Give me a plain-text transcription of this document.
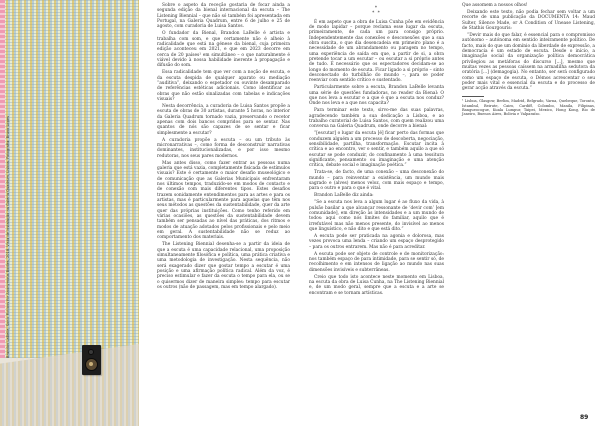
Brandon LaBelle, Sonic Fictions for Anonymous Bodies, 2018. Vista de instalação na Galeria Quadrum, Lisboa. Fotografia: Bruno Lopes

Sobre o aspeto da receção gostaria de focar ainda a segunda edição da bienal internacional da escuta – The Listening Biennial – que não só também foi apresentada em Portugal, na Galeria Quadrum, entre 6 de julho e 25 de agosto, com curadoria de Luisa Santos.

O fundador da Bienal, Brandon LaBelle é artista e trabalha com som, e que certamente não é alheio à radicalidade que está na génese da bienal, cuja primeira edição aconteceu em 2021, e que em 2023 decorre em cerca de 20 países¹ em simultâneo – o que naturalmente é viável devido à nossa habilidade inerente à propagação e difusão do som.

Essa radicalidade tem que ver com a noção de escuta, e da escuta despida de qualquer aparato ou mediação “auditiva”, deixando o espetador ou ouvinte desamparado de referências estéticas adicionais. Como identificar as obras que não estão sinalizadas com tabelas e indicações visuais?

Nesta decorrência, a curadoria de Luisa Santos propõe a escuta de obras de 30 artistas, durante 5 horas, no interior da Galeria Quadrum tornado vazia, preservando o recetor apenas com dois bancos compridos para se sentar. Nas quantos de nós são capazes de se sentar e ficar simplesmente a escutar?

A curadoria propõe a escuta – ou um tributo às micronarrativas –, como forma de desconstruir narrativas dominantes, institucionalizadas, e por isso mesmo redutoras, nos seus pares modernos.

Mas antes disso, como fazer entrar as pessoas numa galeria que está vazia, completamente fisicada de estímulos visuais? Este é certamente o maior desafio museológico e de comunicação que as Galerias Municipais enfrentaram nos últimos tempos, traduzido-se em modos de contacto e de conexão com mais diferentes tipos. Estes desafios trazem sonidamente entendimentos para as artes e para os artistas, mas é particularmente para aquelas que têm nos seus métodos as questões da sustentabilidade, quer da arte quer das próprias instituições. Como tenho referido em várias ocasiões, as questões da sustentabilidade devem também ser pensadas ao nível das práticas, dos ritmos e modos de atuação adotados pelos profissionais e pelo meio em geral. A sustentabilidade não se reduz ao comportamento dos materiais.

The Listening Biennial desenha-se a partir da ideia de que a escuta é uma capacidade relacional, uma proposição simultaneamente filosófica e política, uma prática criativa e uma metodologia de investigação. Nesta sequência, não será exagerado dizer que gostar tempo a escutar é uma posição e uma afirmação política radical. Além da voz, é preciso estimular e fazer da escuta o tempo para ela, ou se o quisermos dizer de maneira simples: tempo para escutar os outros (não de passagem, mas em tempo alargado).

*
* *

É em aspeto que a obra de Luisa Cunha põe em evidência de modo lapidar – porque reclama esse lugar da escuta, primeiramente, de cada um para consigo próprio. Independentemente das conexões e desconexões que a sua obra suscita, o que dia desencadeia em primeiro plano é a necessidade de um abrandamento ou paragem no tempo, uma experiência de saída em que, a partir de si, a obra pretende tocar a um escutar – ou escutar a si próprio antes de tudo. É necessário que os espectadores decidam-se ao longo do momento de escuta. Ficar ligado a si próprio – sinto desconectado do turbilhão do mundo –, para se poder reenviar com sentido crítico e sustentado.

Particularmente sobre a escuta, Brandon LaBelle levanta uma série de questões fundadoras, no reader da Bienal: O que nos leva a escutar e a que é que a escuta nos conduz? Onde nos leva e a que nos capacita?

Para terminar este texto, sirvo-me das suas palavras, agradecendo também a sua dedicação a Lisboa, e ao trabalho curatorial de Luisa Santos, com quem realizou uma conversa na Galeria Quadrum, onde decorre a bienal:

“[escutar] o lugar da escuta [é] ficar perto das formas que conduzem alguém a um processo de descoberta, negociação, sensibilidade, partilha, transformação. Escutar incita à crítica e ao encontro, ver o sentir, e também aquilo a que só escutar se pode conduzir, do confinamento à uma tessitura significante, pensamento ou imaginação e uma atenção crítica, debate social e imaginação poética.”

Trata-se, de facto, de uma conexão – uma desconexão do mundo – para reinventar a existência, um mundo mais sagrado e (alves) menos veloz, com mais espaço e tempo, para o outro e para o que é vital.

Brandon LaBelle diz ainda:

“Se a escuta nos leva a algum lugar é ao fluxo da vida, à pulsão basilar a que alcançar ressonante de ‘devir com’ [em comunidade], em direção às intensidades e a um mundo de todos: aqui como nós limites do familiar, aquilo que é irrefutável mas não menos presente, do invisível ao menos que linguístico, e não dito e que está dito.”

A escuta pode ser praticada na agonia e dolorosa, mas vezes provoca uma lenda – criando um espaço desprotegido – para os outros entrarem. Mas não é para acreditar.

A escuta pode ser objeto de controle e de monitorização: nos também espaço de para intimidade, para se sentir só, de recolhimento e em intensos de ligação ao mundo nas suas dimensões invisíveis e subterrâneas.

Creio que todo isto acontece neste momento em Lisboa, na escuta da obra de Luisa Cunha, na The Listening Biennial e, de um modo geral, sempre que a escuta e a arte se encontram e se tornam artísticas.

Que assomem a nossos olhos!

Deixando este texto, não podia fechar sem voltar a um recorte de uma publicação da DOCUMENTA 14: Maud Sulter, Silence Made, or A Condition of Unease Listening, de Stathis Gourgouris:

“Devir mais do que falar, é essencial para o compromisso autónomo – autónoma em sentido inteiramente político. De facto, mais do que um domínio da liberdade de expressão, a democracia é um estado de escuta. Desde o início, a imaginação social da organização política democrática privilegiou as metáforas do discurso [...], mesmo que muitas vezes as pessoas caíssem na armadilha sedutora da oratória [...] (demagogia). No entanto, ser será configurado como um espaço de escuta, o Démos acrescentar o seu poder mais vital e essencial da escuta e do processo de gerar acção através da escuta.”

¹ Lisboa, Glasgow, Berlim, Madrid, Belgrado, Varna, Quebeque, Toronto, Istambul, Beirute, Cairo, Cardiff, Colombo, Manila, Filipinas, Bangueocogue, Kuala Lumpur, Taipei, Mexico, Hong Kong, Rio de Janeiro, Buenos Aires, Bolivia e Valparaíso.

89
